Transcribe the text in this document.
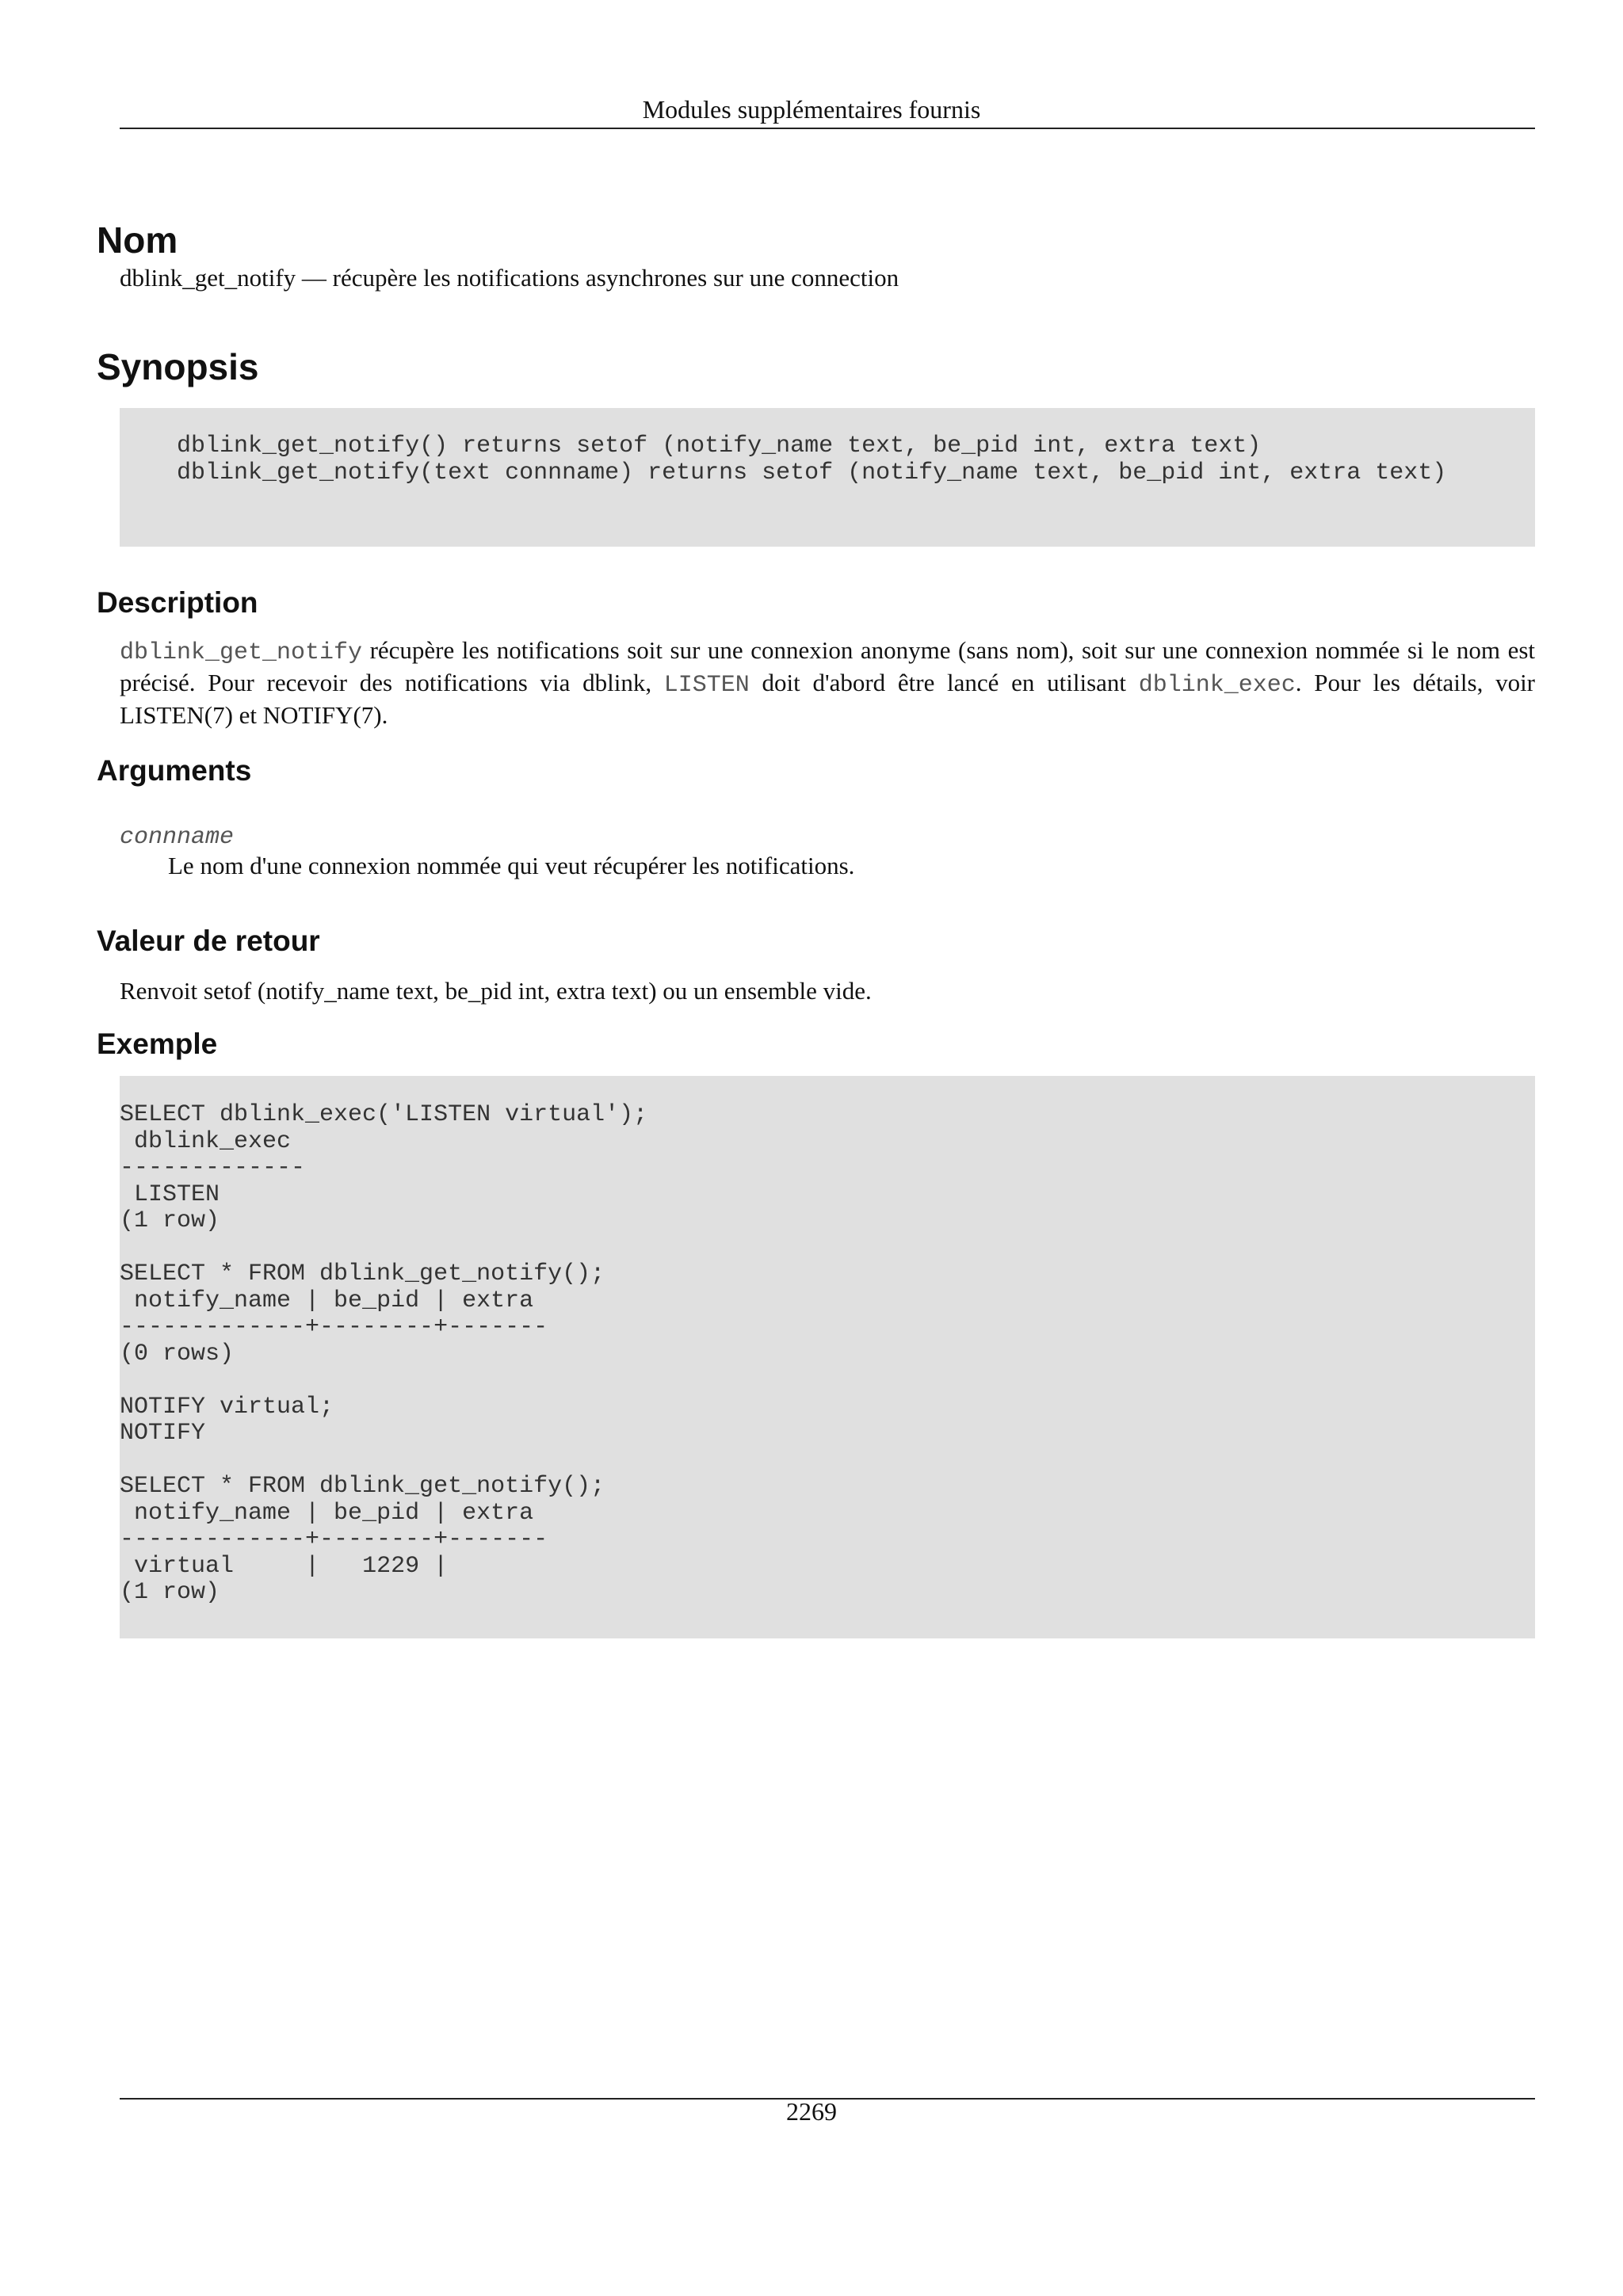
Modules supplémentaires fournis
Nom

dblink_get_notify — récupère les notifications asynchrones sur une connection

Synopsis
dblink_get_notify() returns setof (notify_name text, be_pid int, extra text)
dblink_get_notify(text connname) returns setof (notify_name text, be_pid int, extra text)
Description

dblink_get_notify récupère les notifications soit sur une connexion anonyme (sans nom), soit sur une connexion nommée si le nom est précisé. Pour recevoir des notifications via dblink, LISTEN doit d'abord être lancé en utilisant dblink_exec. Pour les détails, voir LISTEN(7) et NOTIFY(7).

Arguments

connname

Le nom d'une connexion nommée qui veut récupérer les notifications.

Valeur de retour

Renvoit setof (notify_name text, be_pid int, extra text) ou un ensemble vide.

Exemple
SELECT dblink_exec('LISTEN virtual');
dblink_exec
-------------
LISTEN
(1 row)

SELECT * FROM dblink_get_notify();
notify_name | be_pid | extra
-------------+--------+-------
(0 rows)

NOTIFY virtual;
NOTIFY

SELECT * FROM dblink_get_notify();
notify_name | be_pid | extra
-------------+--------+-------
virtual     |   1229 |
(1 row)
2269
